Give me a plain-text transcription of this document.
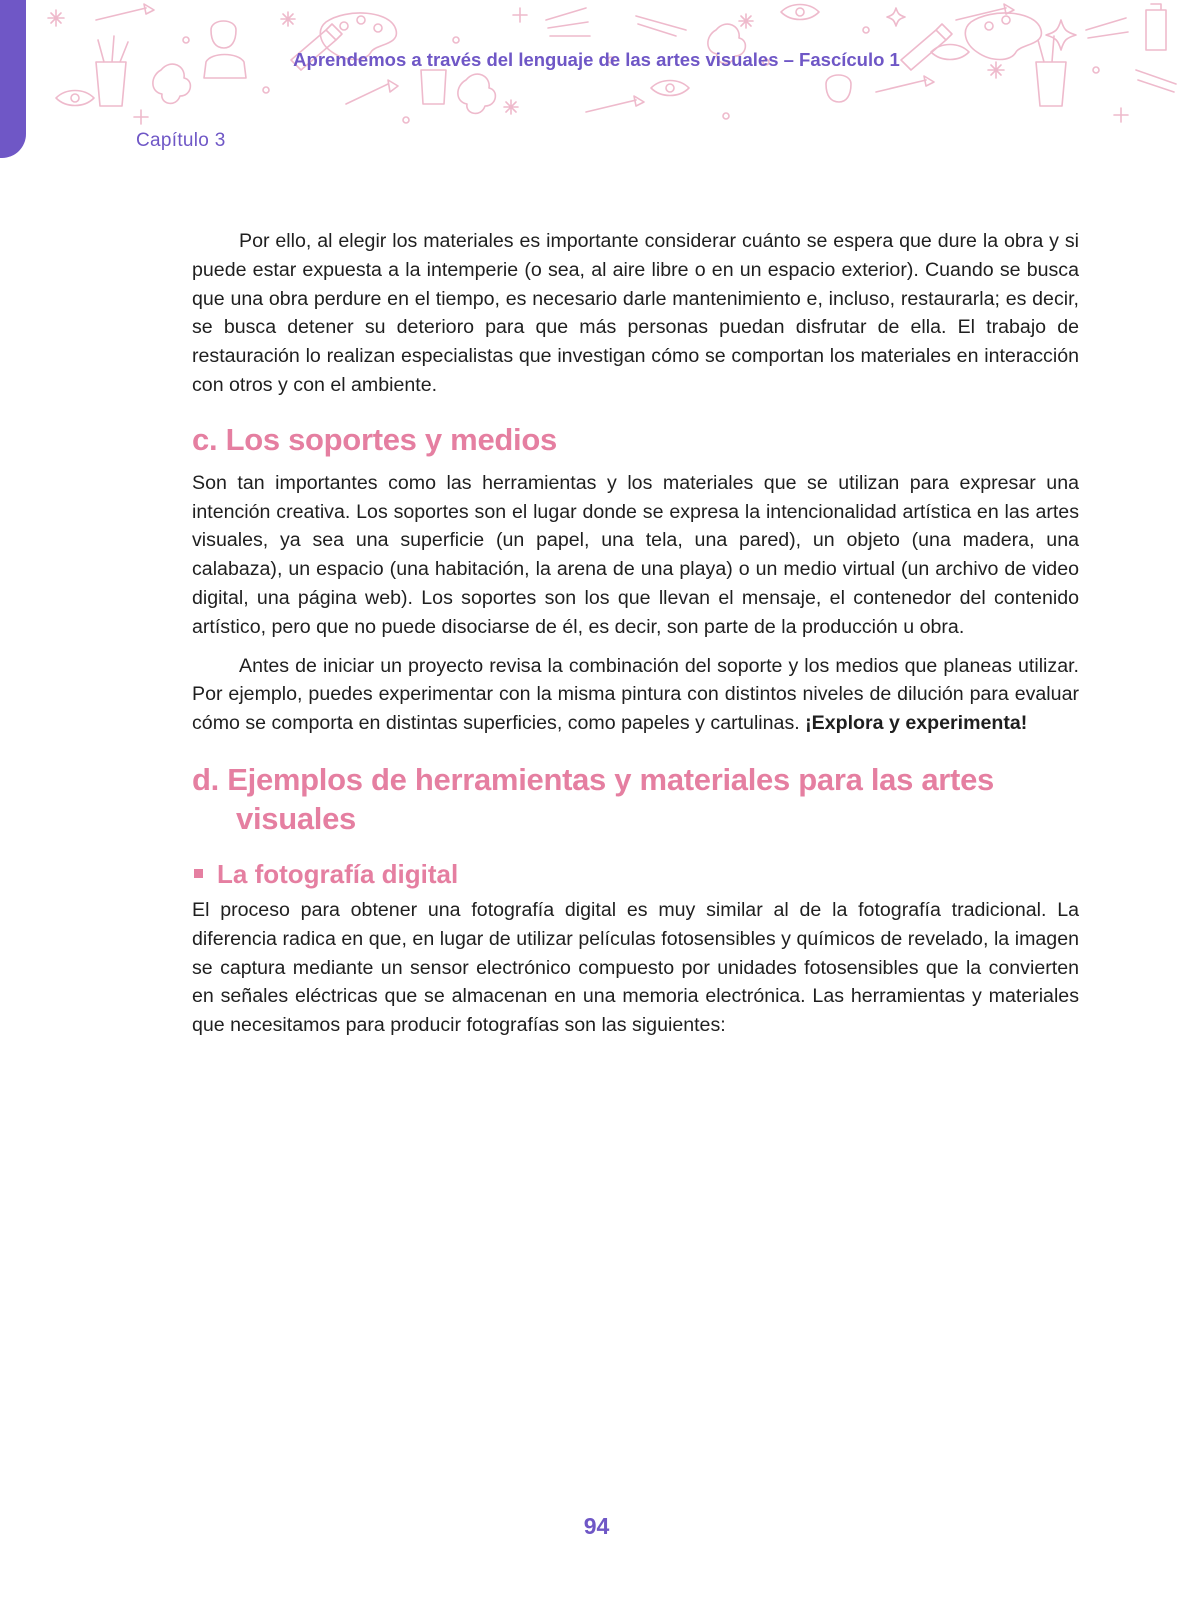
Aprendemos a través del lenguaje de las artes visuales – Fascículo 1
Capítulo 3

Por ello, al elegir los materiales es importante considerar cuánto se espera que dure la obra y si puede estar expuesta a la intemperie (o sea, al aire libre o en un espacio exterior). Cuando se busca que una obra perdure en el tiempo, es necesario darle mantenimiento e, incluso, restaurarla; es decir, se busca detener su deterioro para que más personas puedan disfrutar de ella. El trabajo de restauración lo realizan especialistas que investigan cómo se comportan los materiales en interacción con otros y con el ambiente.

c. Los soportes y medios

Son tan importantes como las herramientas y los materiales que se utilizan para expresar una intención creativa. Los soportes son el lugar donde se expresa la intencionalidad artística en las artes visuales, ya sea una superficie (un papel, una tela, una pared), un objeto (una madera, una calabaza), un espacio (una habitación, la arena de una playa) o un medio virtual (un archivo de video digital, una página web). Los soportes son los que llevan el mensaje, el contenedor del contenido artístico, pero que no puede disociarse de él, es decir, son parte de la producción u obra.

Antes de iniciar un proyecto revisa la combinación del soporte y los medios que planeas utilizar. Por ejemplo, puedes experimentar con la misma pintura con distintos niveles de dilución para evaluar cómo se comporta en distintas superficies, como papeles y cartulinas. ¡Explora y experimenta!

d. Ejemplos de herramientas y materiales para las artes visuales
La fotografía digital

El proceso para obtener una fotografía digital es muy similar al de la fotografía tradicional. La diferencia radica en que, en lugar de utilizar películas fotosensibles y químicos de revelado, la imagen se captura mediante un sensor electrónico compuesto por unidades fotosensibles que la convierten en señales eléctricas que se almacenan en una memoria electrónica. Las herramientas y materiales que necesitamos para producir fotografías son las siguientes:

94
